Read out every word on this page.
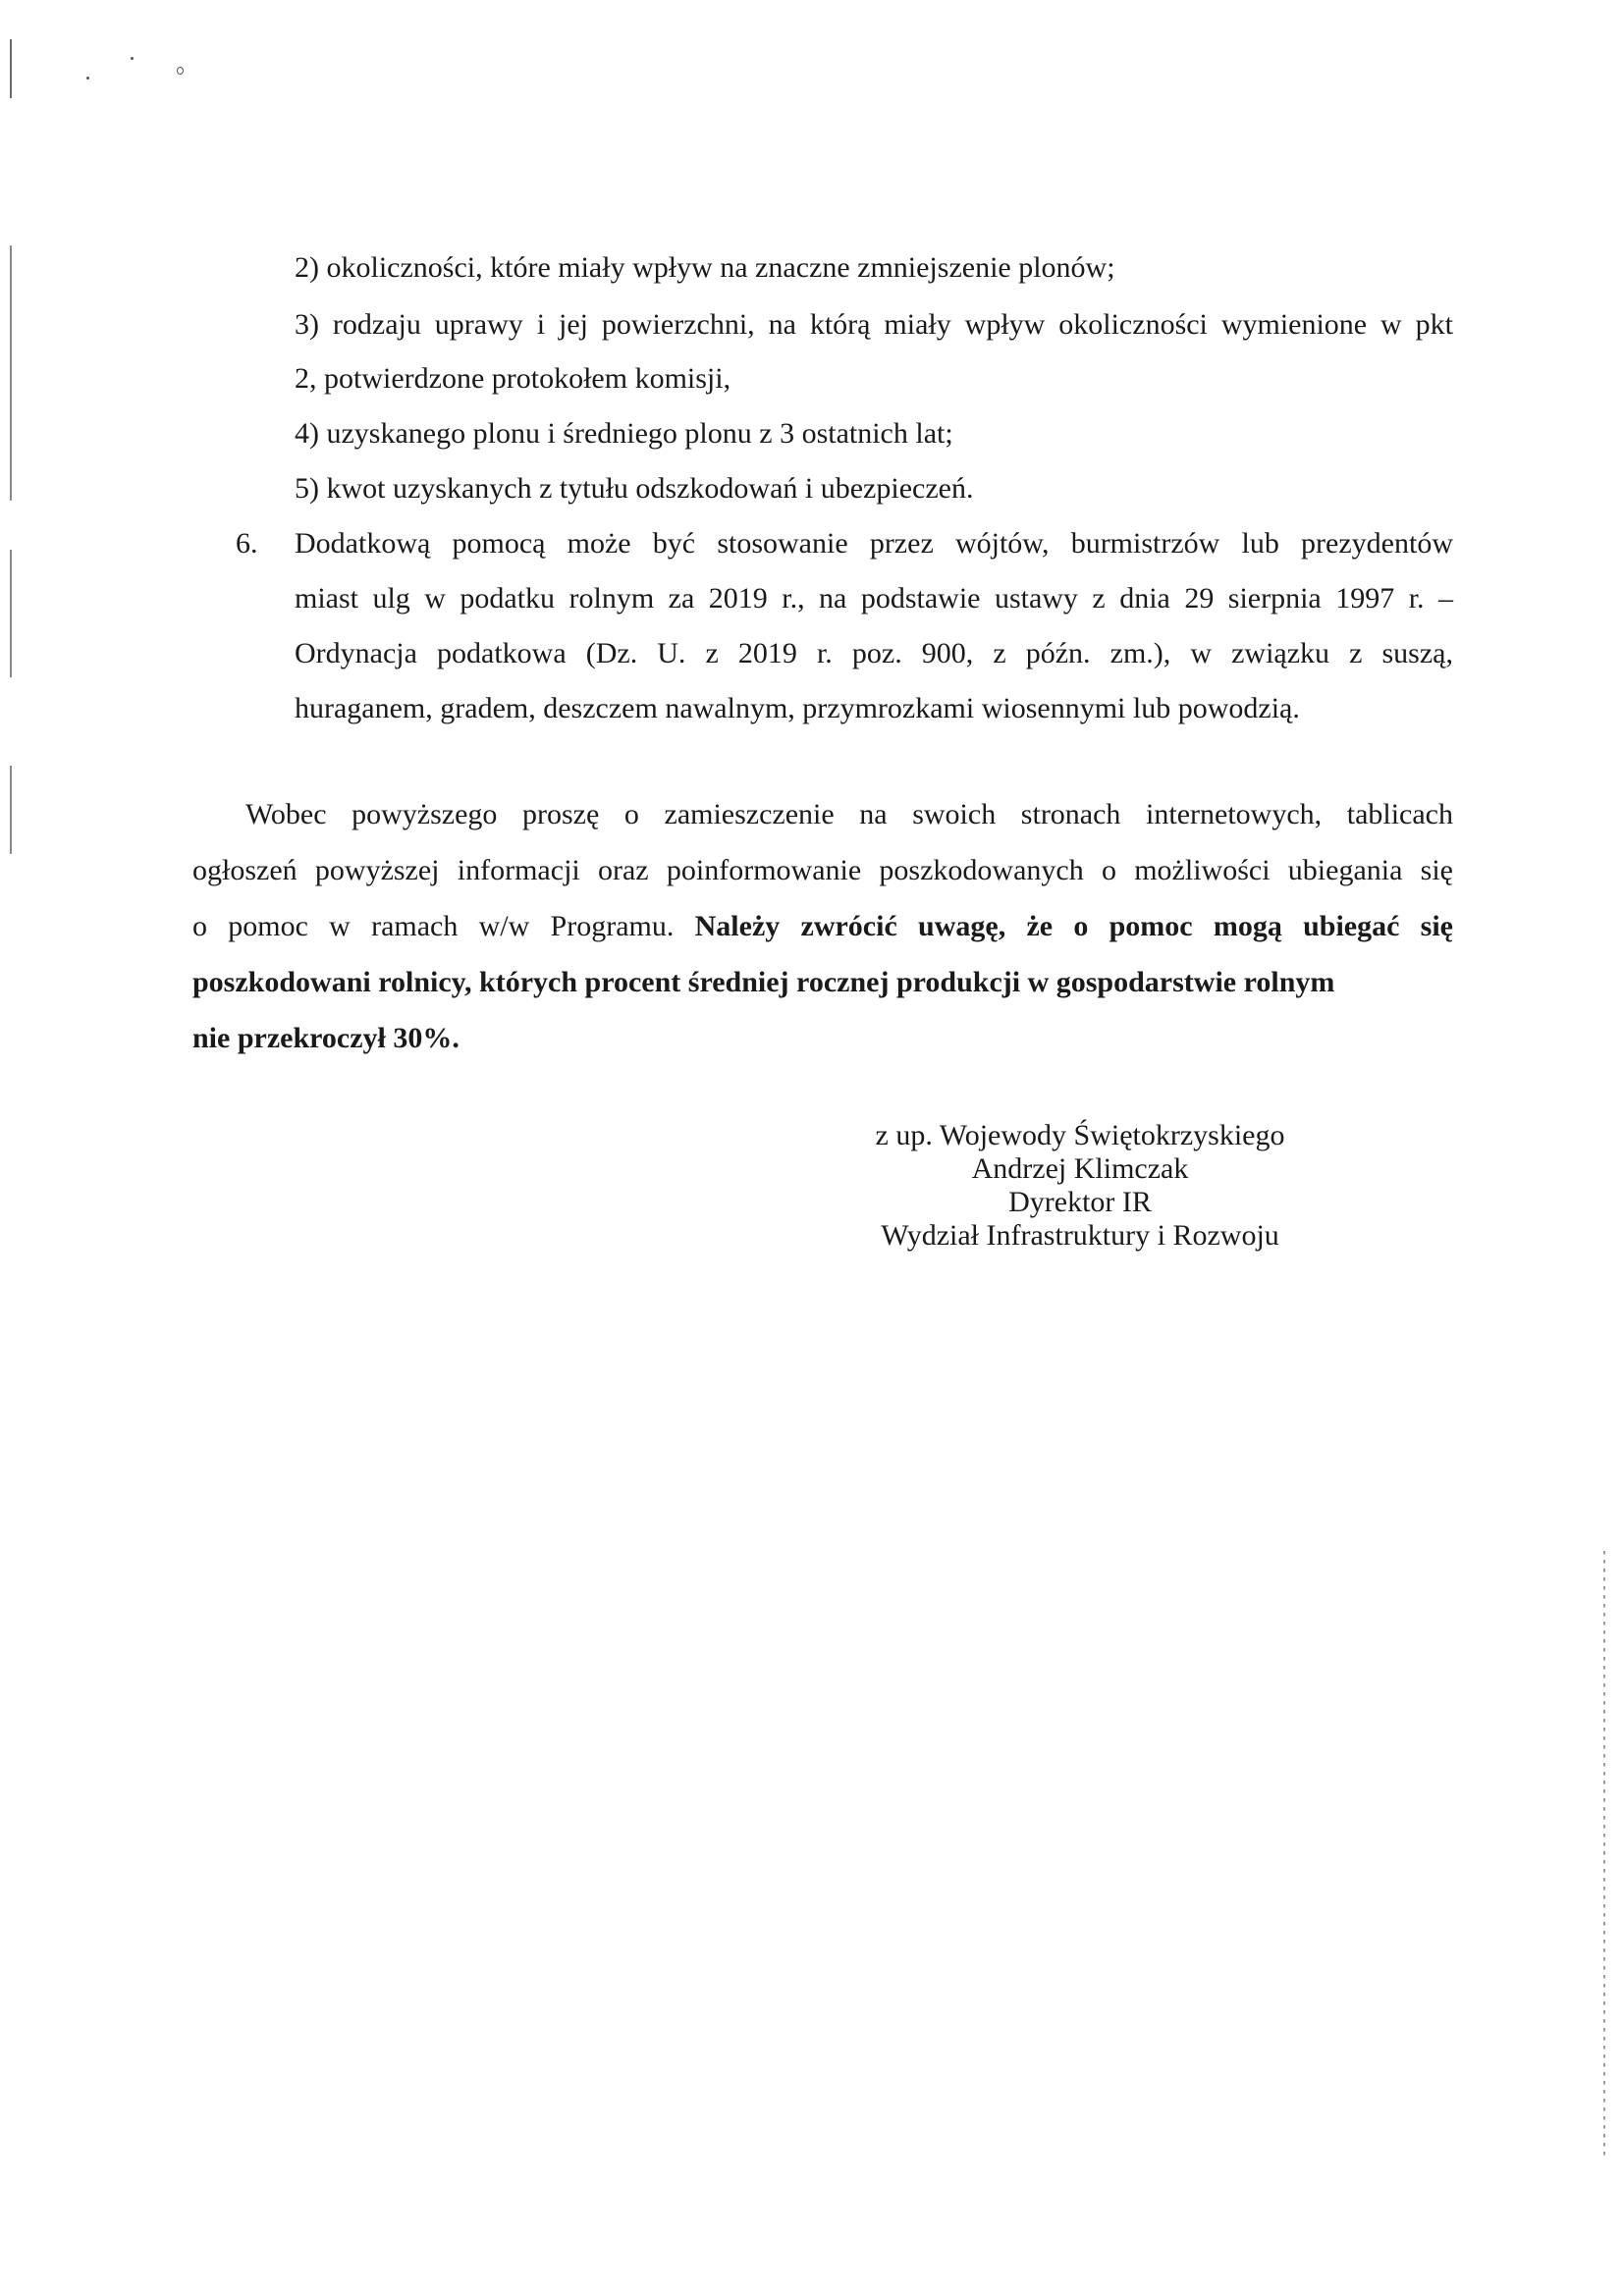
2) okoliczności, które miały wpływ na znaczne zmniejszenie plonów;
3) rodzaju uprawy i jej powierzchni, na którą miały wpływ okoliczności wymienione w pkt
2, potwierdzone protokołem komisji,
4) uzyskanego plonu i średniego plonu z 3 ostatnich lat;
5) kwot uzyskanych z tytułu odszkodowań i ubezpieczeń.
6. Dodatkową pomocą może być stosowanie przez wójtów, burmistrzów lub prezydentów
miast ulg w podatku rolnym za 2019 r., na podstawie ustawy z dnia 29 sierpnia 1997 r. –
Ordynacja podatkowa (Dz. U. z 2019 r. poz. 900, z późn. zm.), w związku z suszą,
huraganem, gradem, deszczem nawalnym, przymrozkami wiosennymi lub powodzią.
Wobec powyższego proszę o zamieszczenie na swoich stronach internetowych, tablicach
ogłoszeń powyższej informacji oraz poinformowanie poszkodowanych o możliwości ubiegania się
o pomoc w ramach w/w Programu. Należy zwrócić uwagę, że o pomoc mogą ubiegać się
poszkodowani rolnicy, których procent średniej rocznej produkcji w gospodarstwie rolnym
nie przekroczył 30%.
z up. Wojewody Świętokrzyskiego
Andrzej Klimczak
Dyrektor IR
Wydział Infrastruktury i Rozwoju
